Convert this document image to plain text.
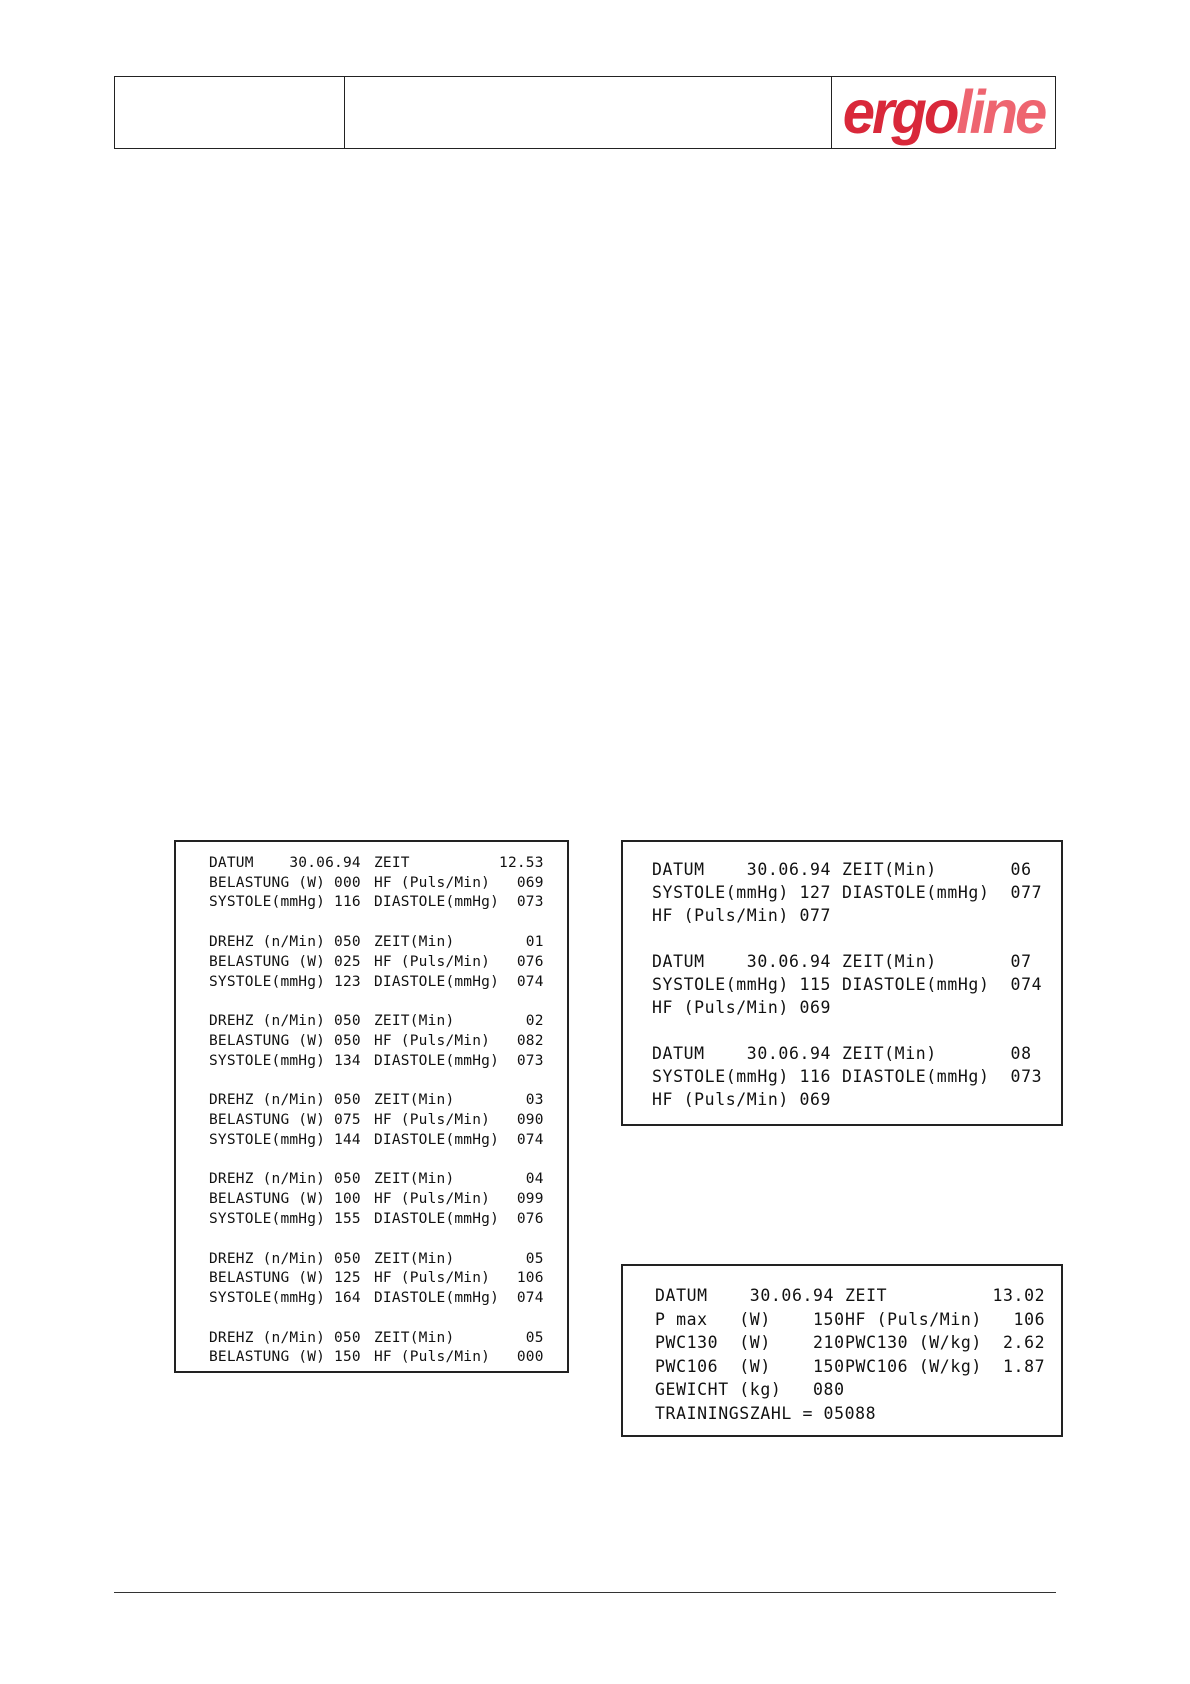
ergoline
DATUM    30.06.94 ZEIT          12.53
BELASTUNG (W) 000 HF (Puls/Min)   069
SYSTOLE(mmHg) 116 DIASTOLE(mmHg)  073
DREHZ (n/Min) 050 ZEIT(Min)        01
BELASTUNG (W) 025 HF (Puls/Min)   076
SYSTOLE(mmHg) 123 DIASTOLE(mmHg)  074
DREHZ (n/Min) 050 ZEIT(Min)        02
BELASTUNG (W) 050 HF (Puls/Min)   082
SYSTOLE(mmHg) 134 DIASTOLE(mmHg)  073
DREHZ (n/Min) 050 ZEIT(Min)        03
BELASTUNG (W) 075 HF (Puls/Min)   090
SYSTOLE(mmHg) 144 DIASTOLE(mmHg)  074
DREHZ (n/Min) 050 ZEIT(Min)        04
BELASTUNG (W) 100 HF (Puls/Min)   099
SYSTOLE(mmHg) 155 DIASTOLE(mmHg)  076
DREHZ (n/Min) 050 ZEIT(Min)        05
BELASTUNG (W) 125 HF (Puls/Min)   106
SYSTOLE(mmHg) 164 DIASTOLE(mmHg)  074
DREHZ (n/Min) 050 ZEIT(Min)        05
BELASTUNG (W) 150 HF (Puls/Min)   000
DATUM    30.06.94 ZEIT(Min)       06
SYSTOLE(mmHg) 127 DIASTOLE(mmHg)  077
HF (Puls/Min) 077
DATUM    30.06.94 ZEIT(Min)       07
SYSTOLE(mmHg) 115 DIASTOLE(mmHg)  074
HF (Puls/Min) 069
DATUM    30.06.94 ZEIT(Min)       08
SYSTOLE(mmHg) 116 DIASTOLE(mmHg)  073
HF (Puls/Min) 069
DATUM    30.06.94 ZEIT          13.02
P max   (W)    150 HF (Puls/Min)   106
PWC130  (W)    210 PWC130 (W/kg)  2.62
PWC106  (W)    150 PWC106 (W/kg)  1.87
GEWICHT (kg)   080
TRAININGSZAHL = 05088
